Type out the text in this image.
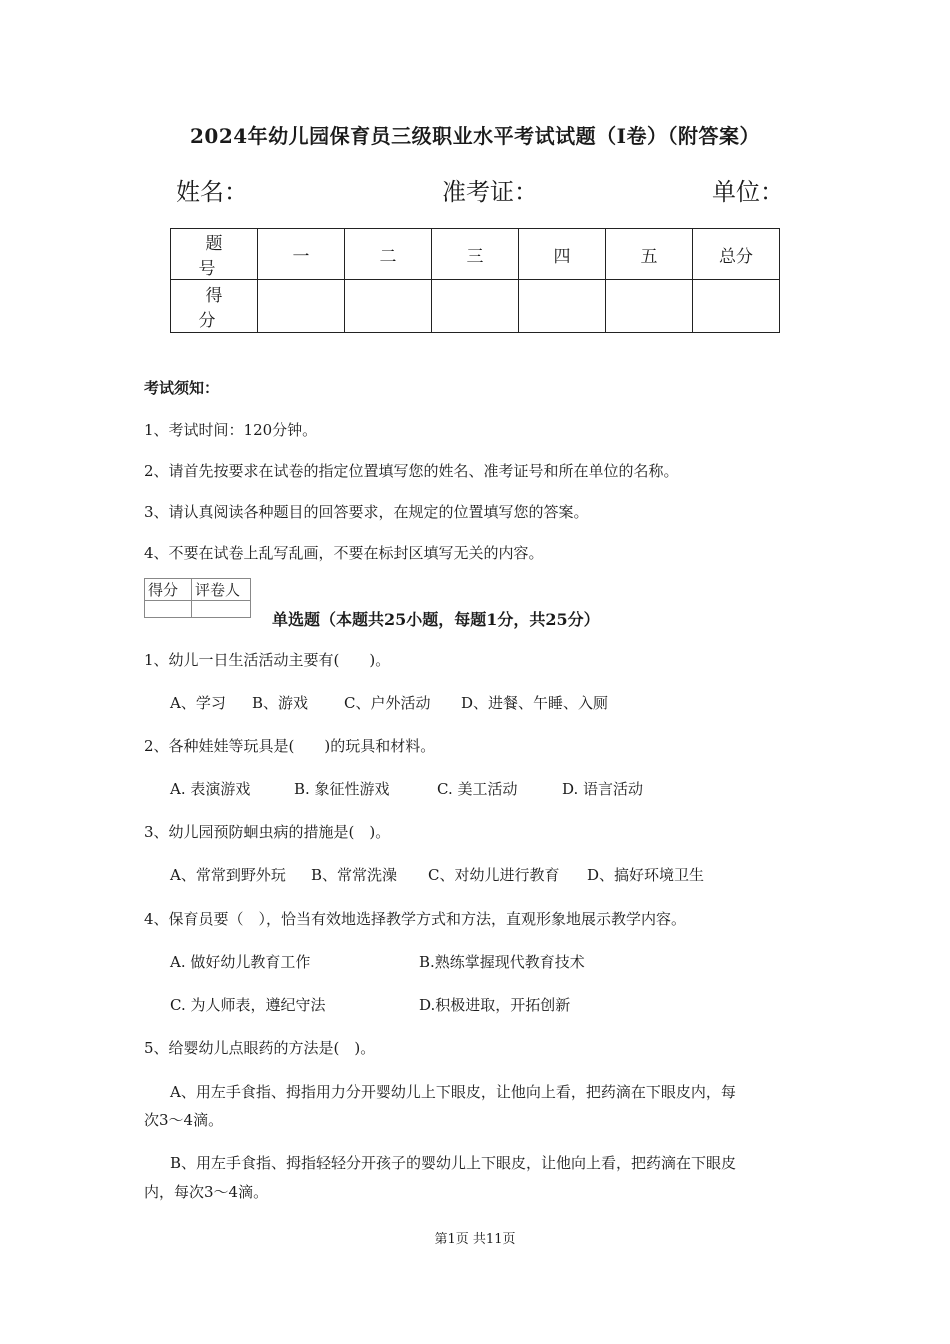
2024年幼儿园保育员三级职业水平考试试题（I卷）（附答案）
姓名：	准考证：	单位：
题　号	一	二	三	四	五	总分
得　分						
考试须知：
1、考试时间：120分钟。
2、请首先按要求在试卷的指定位置填写您的姓名、准考证号和所在单位的名称。
3、请认真阅读各种题目的回答要求，在规定的位置填写您的答案。
4、不要在试卷上乱写乱画，不要在标封区填写无关的内容。
得分	评卷人

单选题（本题共25小题，每题1分，共25分）
1、幼儿一日生活活动主要有(　　)。
A、学习 B、游戏 C、户外活动 D、进餐、午睡、入厕
2、各种娃娃等玩具是(　　)的玩具和材料。
A. 表演游戏	B. 象征性游戏	C. 美工活动	D. 语言活动
3、幼儿园预防蛔虫病的措施是(　)。
A、常常到野外玩 B、常常洗澡 C、对幼儿进行教育 D、搞好环境卫生
4、保育员要（　），恰当有效地选择教学方式和方法，直观形象地展示教学内容。
A. 做好幼儿教育工作	B.熟练掌握现代教育技术
C. 为人师表，遵纪守法	D.积极进取，开拓创新
5、给婴幼儿点眼药的方法是(　)。
A、用左手食指、拇指用力分开婴幼儿上下眼皮，让他向上看，把药滴在下眼皮内，每
次3～4滴。
B、用左手食指、拇指轻轻分开孩子的婴幼儿上下眼皮，让他向上看，把药滴在下眼皮
内，每次3～4滴。
第1页 共11页
